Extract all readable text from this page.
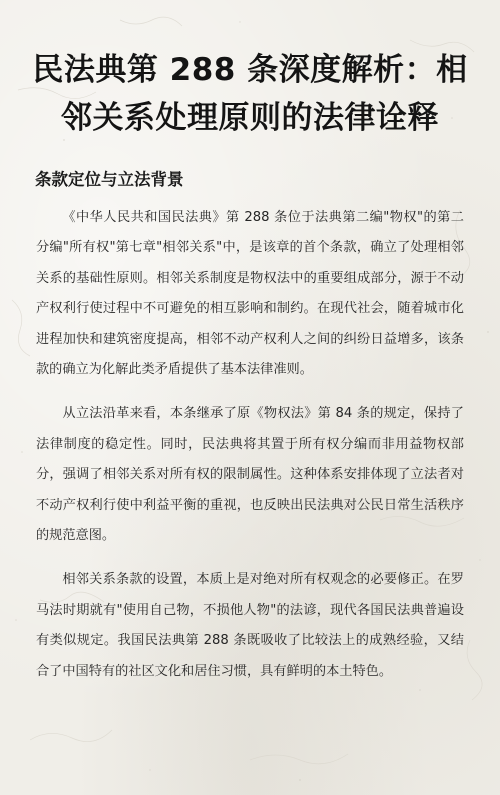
民法典第 288 条深度解析：相邻关系处理原则的法律诠释
条款定位与立法背景

《中华人民共和国民法典》第 288 条位于法典第二编"物权"的第二分编"所有权"第七章"相邻关系"中，是该章的首个条款，确立了处理相邻关系的基础性原则。相邻关系制度是物权法中的重要组成部分，源于不动产权利行使过程中不可避免的相互影响和制约。在现代社会，随着城市化进程加快和建筑密度提高，相邻不动产权利人之间的纠纷日益增多，该条款的确立为化解此类矛盾提供了基本法律准则。

从立法沿革来看，本条继承了原《物权法》第 84 条的规定，保持了法律制度的稳定性。同时，民法典将其置于所有权分编而非用益物权部分，强调了相邻关系对所有权的限制属性。这种体系安排体现了立法者对不动产权利行使中利益平衡的重视，也反映出民法典对公民日常生活秩序的规范意图。

相邻关系条款的设置，本质上是对绝对所有权观念的必要修正。在罗马法时期就有"使用自己物，不损他人物"的法谚，现代各国民法典普遍设有类似规定。我国民法典第 288 条既吸收了比较法上的成熟经验，又结合了中国特有的社区文化和居住习惯，具有鲜明的本土特色。
